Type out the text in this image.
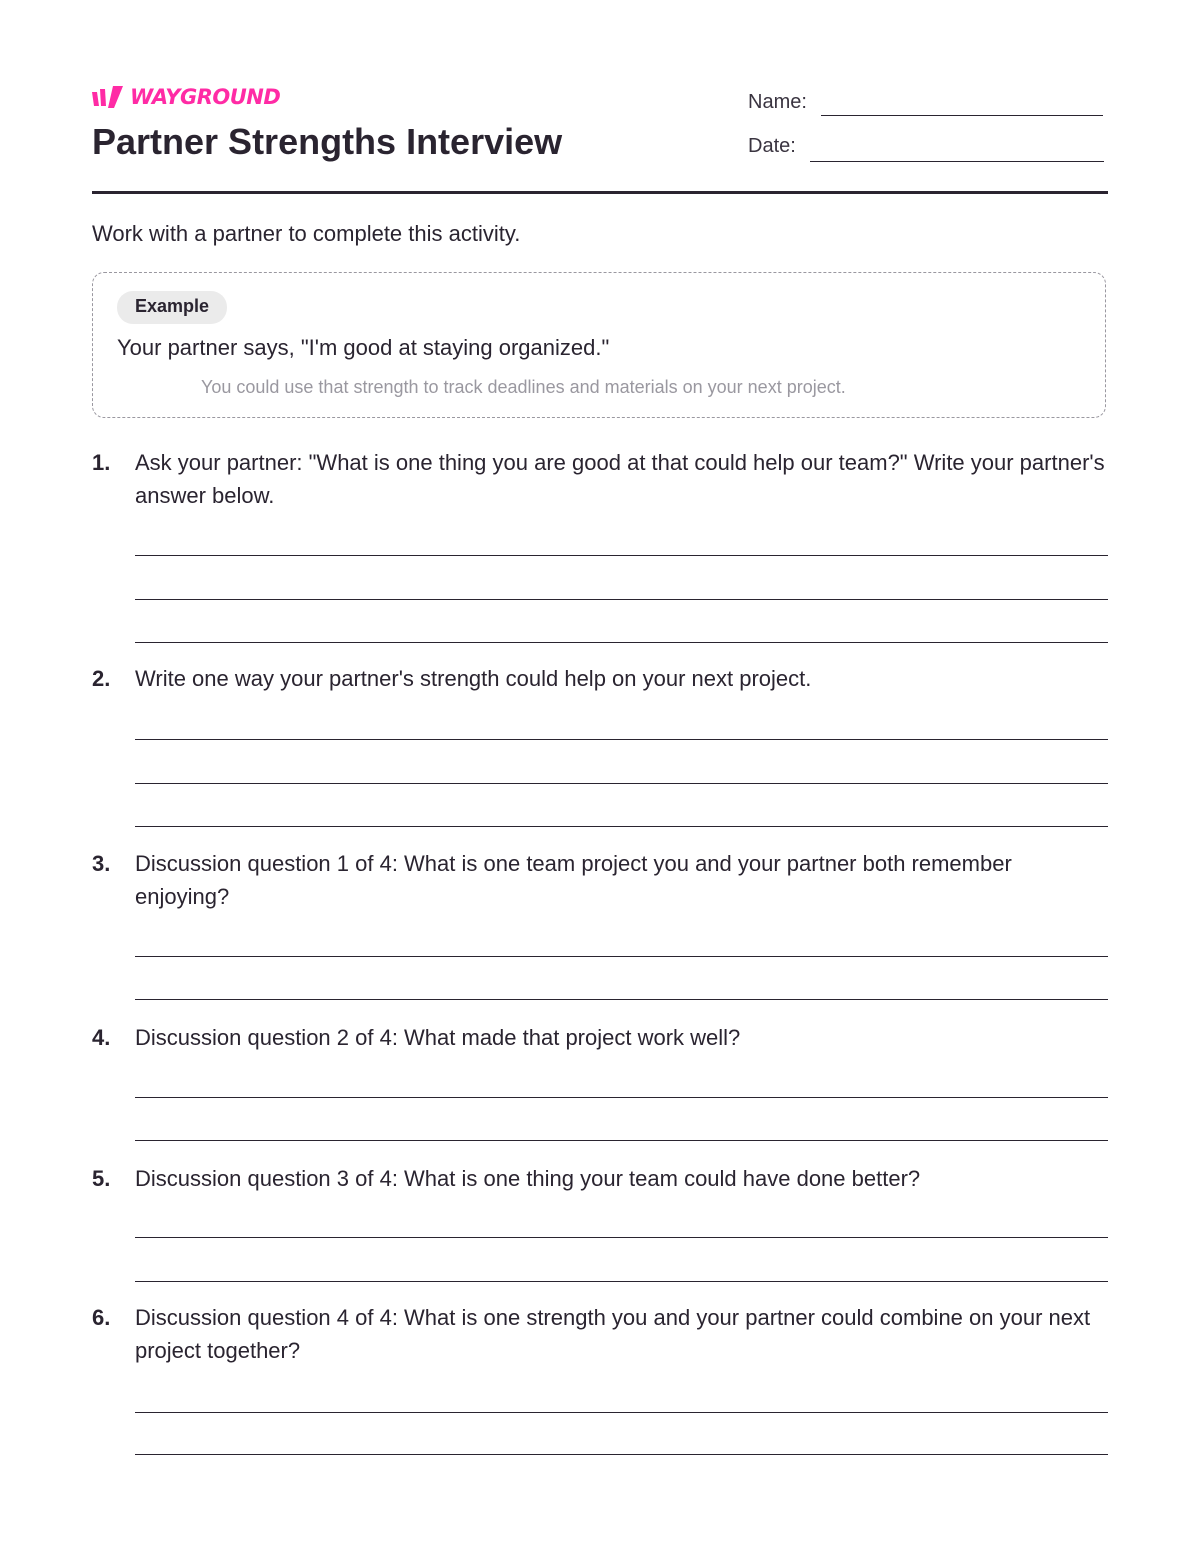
WAYGROUND
Partner Strengths Interview
Name:
Date:

Work with a partner to complete this activity.

Example

Your partner says, "I'm good at staying organized."

You could use that strength to track deadlines and materials on your next project.

1. Ask your partner: "What is one thing you are good at that could help our team?" Write your partner's answer below.

2. Write one way your partner's strength could help on your next project.

3. Discussion question 1 of 4: What is one team project you and your partner both remember enjoying?

4. Discussion question 2 of 4: What made that project work well?

5. Discussion question 3 of 4: What is one thing your team could have done better?

6. Discussion question 4 of 4: What is one strength you and your partner could combine on your next project together?
